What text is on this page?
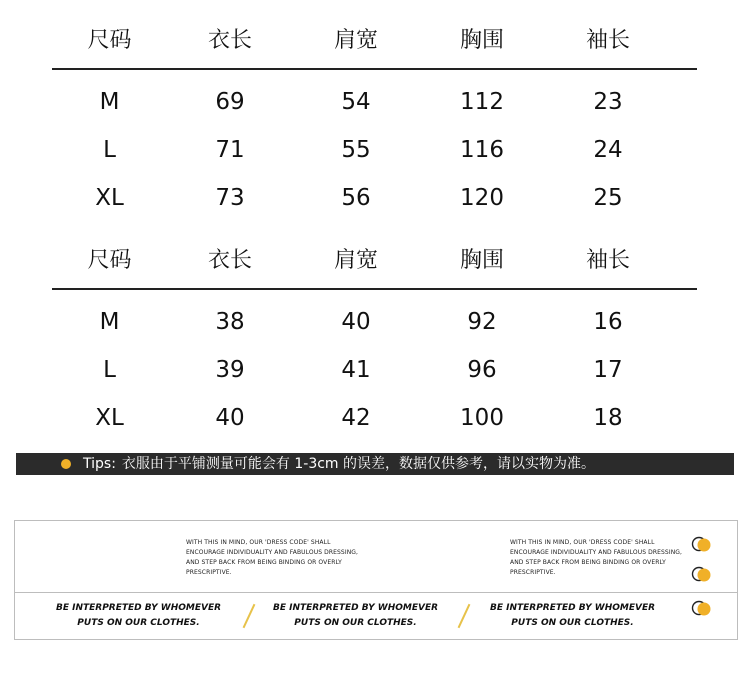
尺码	衣长	肩宽	胸围	袖长
M	69	54	112	23
L	71	55	116	24
XL	73	56	120	25
尺码	衣长	肩宽	胸围	袖长
M	38	40	92	16
L	39	41	96	17
XL	40	42	100	18
Tips: 衣服由于平铺测量可能会有 1-3cm 的误差，数据仅供参考，请以实物为准。
WITH THIS IN MIND, OUR 'DRESS CODE' SHALL ENCOURAGE INDIVIDUALITY AND FABULOUS DRESSING, AND STEP BACK FROM BEING BINDING OR OVERLY PRESCRIPTIVE.
WITH THIS IN MIND, OUR 'DRESS CODE' SHALL ENCOURAGE INDIVIDUALITY AND FABULOUS DRESSING, AND STEP BACK FROM BEING BINDING OR OVERLY PRESCRIPTIVE.
BE INTERPRETED BY WHOMEVER PUTS ON OUR CLOTHES.
BE INTERPRETED BY WHOMEVER PUTS ON OUR CLOTHES.
BE INTERPRETED BY WHOMEVER PUTS ON OUR CLOTHES.
